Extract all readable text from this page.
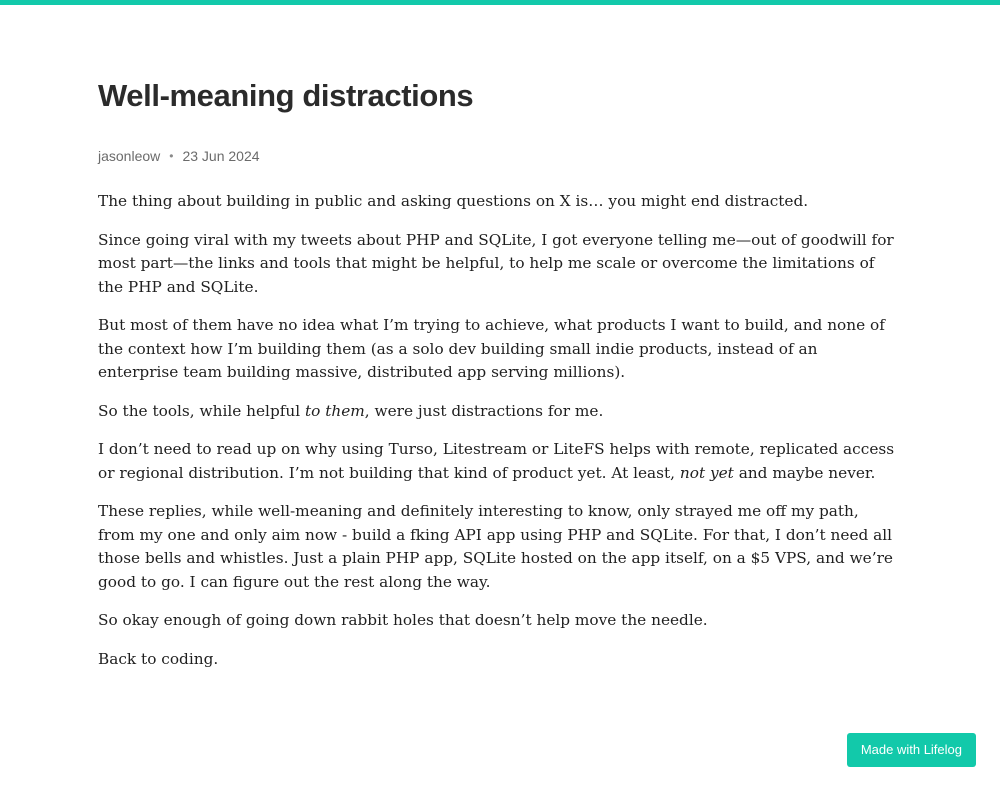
Well-meaning distractions
jasonleow • 23 Jun 2024

The thing about building in public and asking questions on X is… you might end distracted.

Since going viral with my tweets about PHP and SQLite, I got everyone telling me—out of goodwill for most part—the links and tools that might be helpful, to help me scale or overcome the limitations of the PHP and SQLite.

But most of them have no idea what I’m trying to achieve, what products I want to build, and none of the context how I’m building them (as a solo dev building small indie products, instead of an enterprise team building massive, distributed app serving millions).

So the tools, while helpful to them, were just distractions for me.

I don’t need to read up on why using Turso, Litestream or LiteFS helps with remote, replicated access or regional distribution. I’m not building that kind of product yet. At least, not yet and maybe never.

These replies, while well-meaning and definitely interesting to know, only strayed me off my path, from my one and only aim now - build a fking API app using PHP and SQLite. For that, I don’t need all those bells and whistles. Just a plain PHP app, SQLite hosted on the app itself, on a $5 VPS, and we’re good to go. I can figure out the rest along the way.

So okay enough of going down rabbit holes that doesn’t help move the needle.

Back to coding.

Made with Lifelog
